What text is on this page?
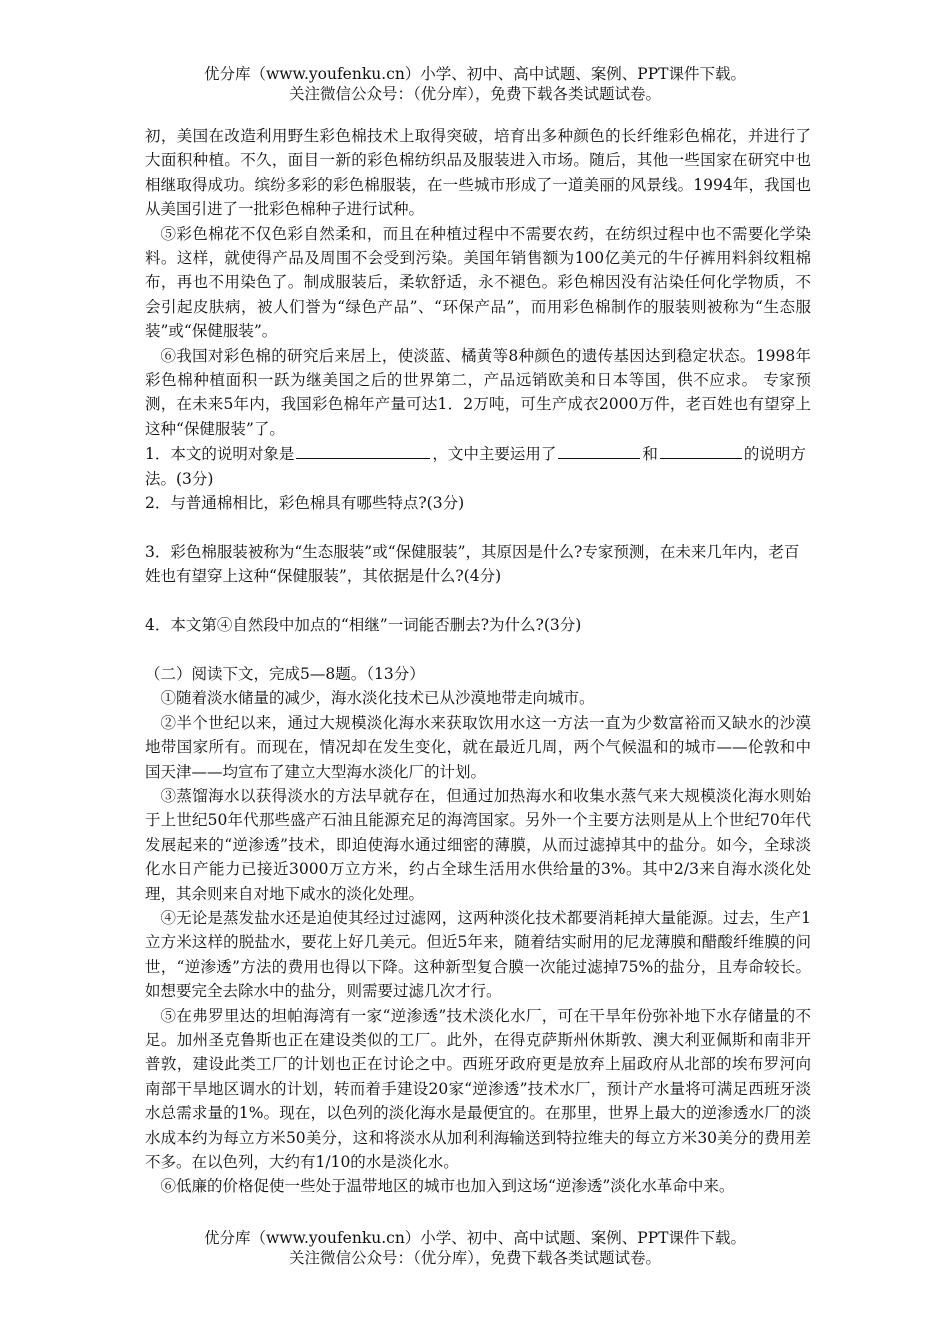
优分库（www.youfenku.cn）小学、初中、高中试题、案例、PPT课件下载。
关注微信公众号：（优分库），免费下载各类试题试卷。

初，美国在改造利用野生彩色棉技术上取得突破，培育出多种颜色的长纤维彩色棉花，并进行了大面积种植。不久，面目一新的彩色棉纺织品及服装进入市场。随后，其他一些国家在研究中也相继取得成功。缤纷多彩的彩色棉服装，在一些城市形成了一道美丽的风景线。1994年，我国也从美国引进了一批彩色棉种子进行试种。

⑤彩色棉花不仅色彩自然柔和，而且在种植过程中不需要农药，在纺织过程中也不需要化学染料。这样，就使得产品及周围不会受到污染。美国年销售额为100亿美元的牛仔裤用料斜纹粗棉布，再也不用染色了。制成服装后，柔软舒适，永不褪色。彩色棉因没有沾染任何化学物质，不会引起皮肤病，被人们誉为“绿色产品”、“环保产品”，而用彩色棉制作的服装则被称为“生态服装”或“保健服装”。

⑥我国对彩色棉的研究后来居上，使淡蓝、橘黄等8种颜色的遗传基因达到稳定状态。1998年彩色棉种植面积一跃为继美国之后的世界第二，产品远销欧美和日本等国，供不应求。 专家预测，在未来5年内，我国彩色棉年产量可达1．2万吨，可生产成衣2000万件，老百姓也有望穿上这种“保健服装”了。

1．本文的说明对象是	，文中主要运用了	和	的说明方法。(3分)

2．与普通棉相比，彩色棉具有哪些特点?(3分)

3．彩色棉服装被称为“生态服装”或“保健服装”，其原因是什么?专家预测，在未来几年内，老百姓也有望穿上这种“保健服装”，其依据是什么?(4分)

4．本文第④自然段中加点的“相继”一词能否删去?为什么?(3分)

（二）阅读下文，完成5—8题。（13分）

①随着淡水储量的减少，海水淡化技术已从沙漠地带走向城市。

②半个世纪以来，通过大规模淡化海水来获取饮用水这一方法一直为少数富裕而又缺水的沙漠地带国家所有。而现在，情况却在发生变化，就在最近几周，两个气候温和的城市——伦敦和中国天津——均宣布了建立大型海水淡化厂的计划。

③蒸馏海水以获得淡水的方法早就存在，但通过加热海水和收集水蒸气来大规模淡化海水则始于上世纪50年代那些盛产石油且能源充足的海湾国家。另外一个主要方法则是从上个世纪70年代发展起来的“逆渗透”技术，即迫使海水通过细密的薄膜，从而过滤掉其中的盐分。如今，全球淡化水日产能力已接近3000万立方米，约占全球生活用水供给量的3%。其中2/3来自海水淡化处理，其余则来自对地下咸水的淡化处理。

④无论是蒸发盐水还是迫使其经过过滤网，这两种淡化技术都要消耗掉大量能源。过去，生产1立方米这样的脱盐水，要花上好几美元。但近5年来，随着结实耐用的尼龙薄膜和醋酸纤维膜的问世，“逆渗透”方法的费用也得以下降。这种新型复合膜一次能过滤掉75%的盐分，且寿命较长。如想要完全去除水中的盐分，则需要过滤几次才行。

⑤在弗罗里达的坦帕海湾有一家“逆渗透”技术淡化水厂，可在干旱年份弥补地下水存储量的不足。加州圣克鲁斯也正在建设类似的工厂。此外，在得克萨斯州休斯敦、澳大利亚佩斯和南非开普敦，建设此类工厂的计划也正在讨论之中。西班牙政府更是放弃上届政府从北部的埃布罗河向南部干旱地区调水的计划，转而着手建设20家“逆渗透”技术水厂，预计产水量将可满足西班牙淡水总需求量的1%。现在，以色列的淡化海水是最便宜的。在那里，世界上最大的逆渗透水厂的淡水成本约为每立方米50美分，这和将淡水从加利利海输送到特拉维夫的每立方米30美分的费用差不多。在以色列，大约有1/10的水是淡化水。

⑥低廉的价格促使一些处于温带地区的城市也加入到这场“逆渗透”淡化水革命中来。

优分库（www.youfenku.cn）小学、初中、高中试题、案例、PPT课件下载。
关注微信公众号：（优分库），免费下载各类试题试卷。
